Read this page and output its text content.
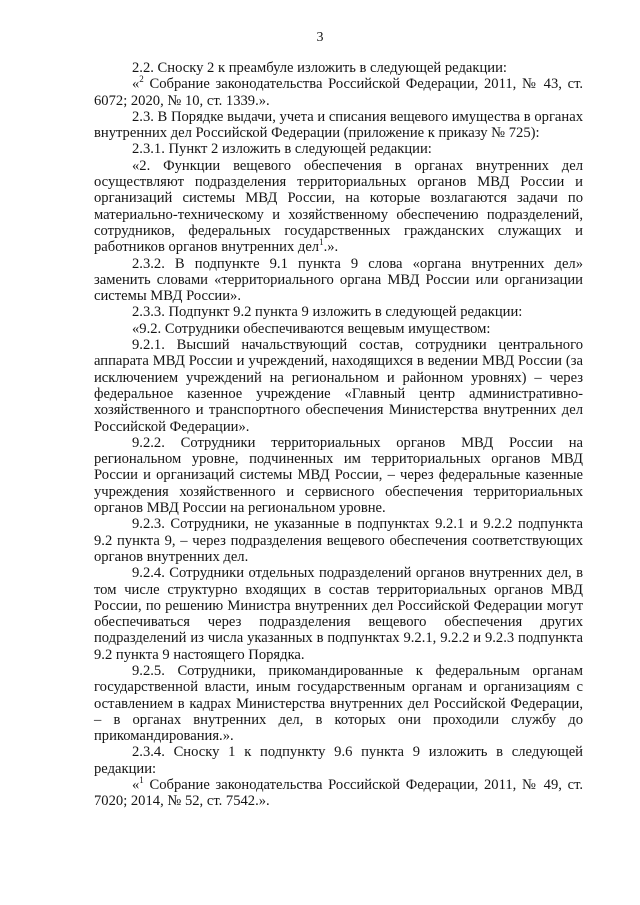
3

2.2. Сноску 2 к преамбуле изложить в следующей редакции:

«$^2$ Собрание законодательства Российской Федерации, 2011, № 43, ст. 6072; 2020, № 10, ст. 1339.».

2.3. В Порядке выдачи, учета и списания вещевого имущества в органах внутренних дел Российской Федерации (приложение к приказу № 725):

2.3.1. Пункт 2 изложить в следующей редакции:

«2. Функции вещевого обеспечения в органах внутренних дел осуществляют подразделения территориальных органов МВД России и организаций системы МВД России, на которые возлагаются задачи по материально-техническому и хозяйственному обеспечению подразделений, сотрудников, федеральных государственных гражданских служащих и работников органов внутренних дел$^1$.».

2.3.2. В подпункте 9.1 пункта 9 слова «органа внутренних дел» заменить словами «территориального органа МВД России или организации системы МВД России».

2.3.3. Подпункт 9.2 пункта 9 изложить в следующей редакции:

«9.2. Сотрудники обеспечиваются вещевым имуществом:

9.2.1. Высший начальствующий состав, сотрудники центрального аппарата МВД России и учреждений, находящихся в ведении МВД России (за исключением учреждений на региональном и районном уровнях) – через федеральное казенное учреждение «Главный центр административно-хозяйственного и транспортного обеспечения Министерства внутренних дел Российской Федерации».

9.2.2. Сотрудники территориальных органов МВД России на региональном уровне, подчиненных им территориальных органов МВД России и организаций системы МВД России, – через федеральные казенные учреждения хозяйственного и сервисного обеспечения территориальных органов МВД России на региональном уровне.

9.2.3. Сотрудники, не указанные в подпунктах 9.2.1 и 9.2.2 подпункта 9.2 пункта 9, – через подразделения вещевого обеспечения соответствующих органов внутренних дел.

9.2.4. Сотрудники отдельных подразделений органов внутренних дел, в том числе структурно входящих в состав территориальных органов МВД России, по решению Министра внутренних дел Российской Федерации могут обеспечиваться через подразделения вещевого обеспечения других подразделений из числа указанных в подпунктах 9.2.1, 9.2.2 и 9.2.3 подпункта 9.2 пункта 9 настоящего Порядка.

9.2.5. Сотрудники, прикомандированные к федеральным органам государственной власти, иным государственным органам и организациям с оставлением в кадрах Министерства внутренних дел Российской Федерации, – в органах внутренних дел, в которых они проходили службу до прикомандирования.».

2.3.4. Сноску 1 к подпункту 9.6 пункта 9 изложить в следующей редакции:

«$^1$ Собрание законодательства Российской Федерации, 2011, № 49, ст. 7020; 2014, № 52, ст. 7542.».
